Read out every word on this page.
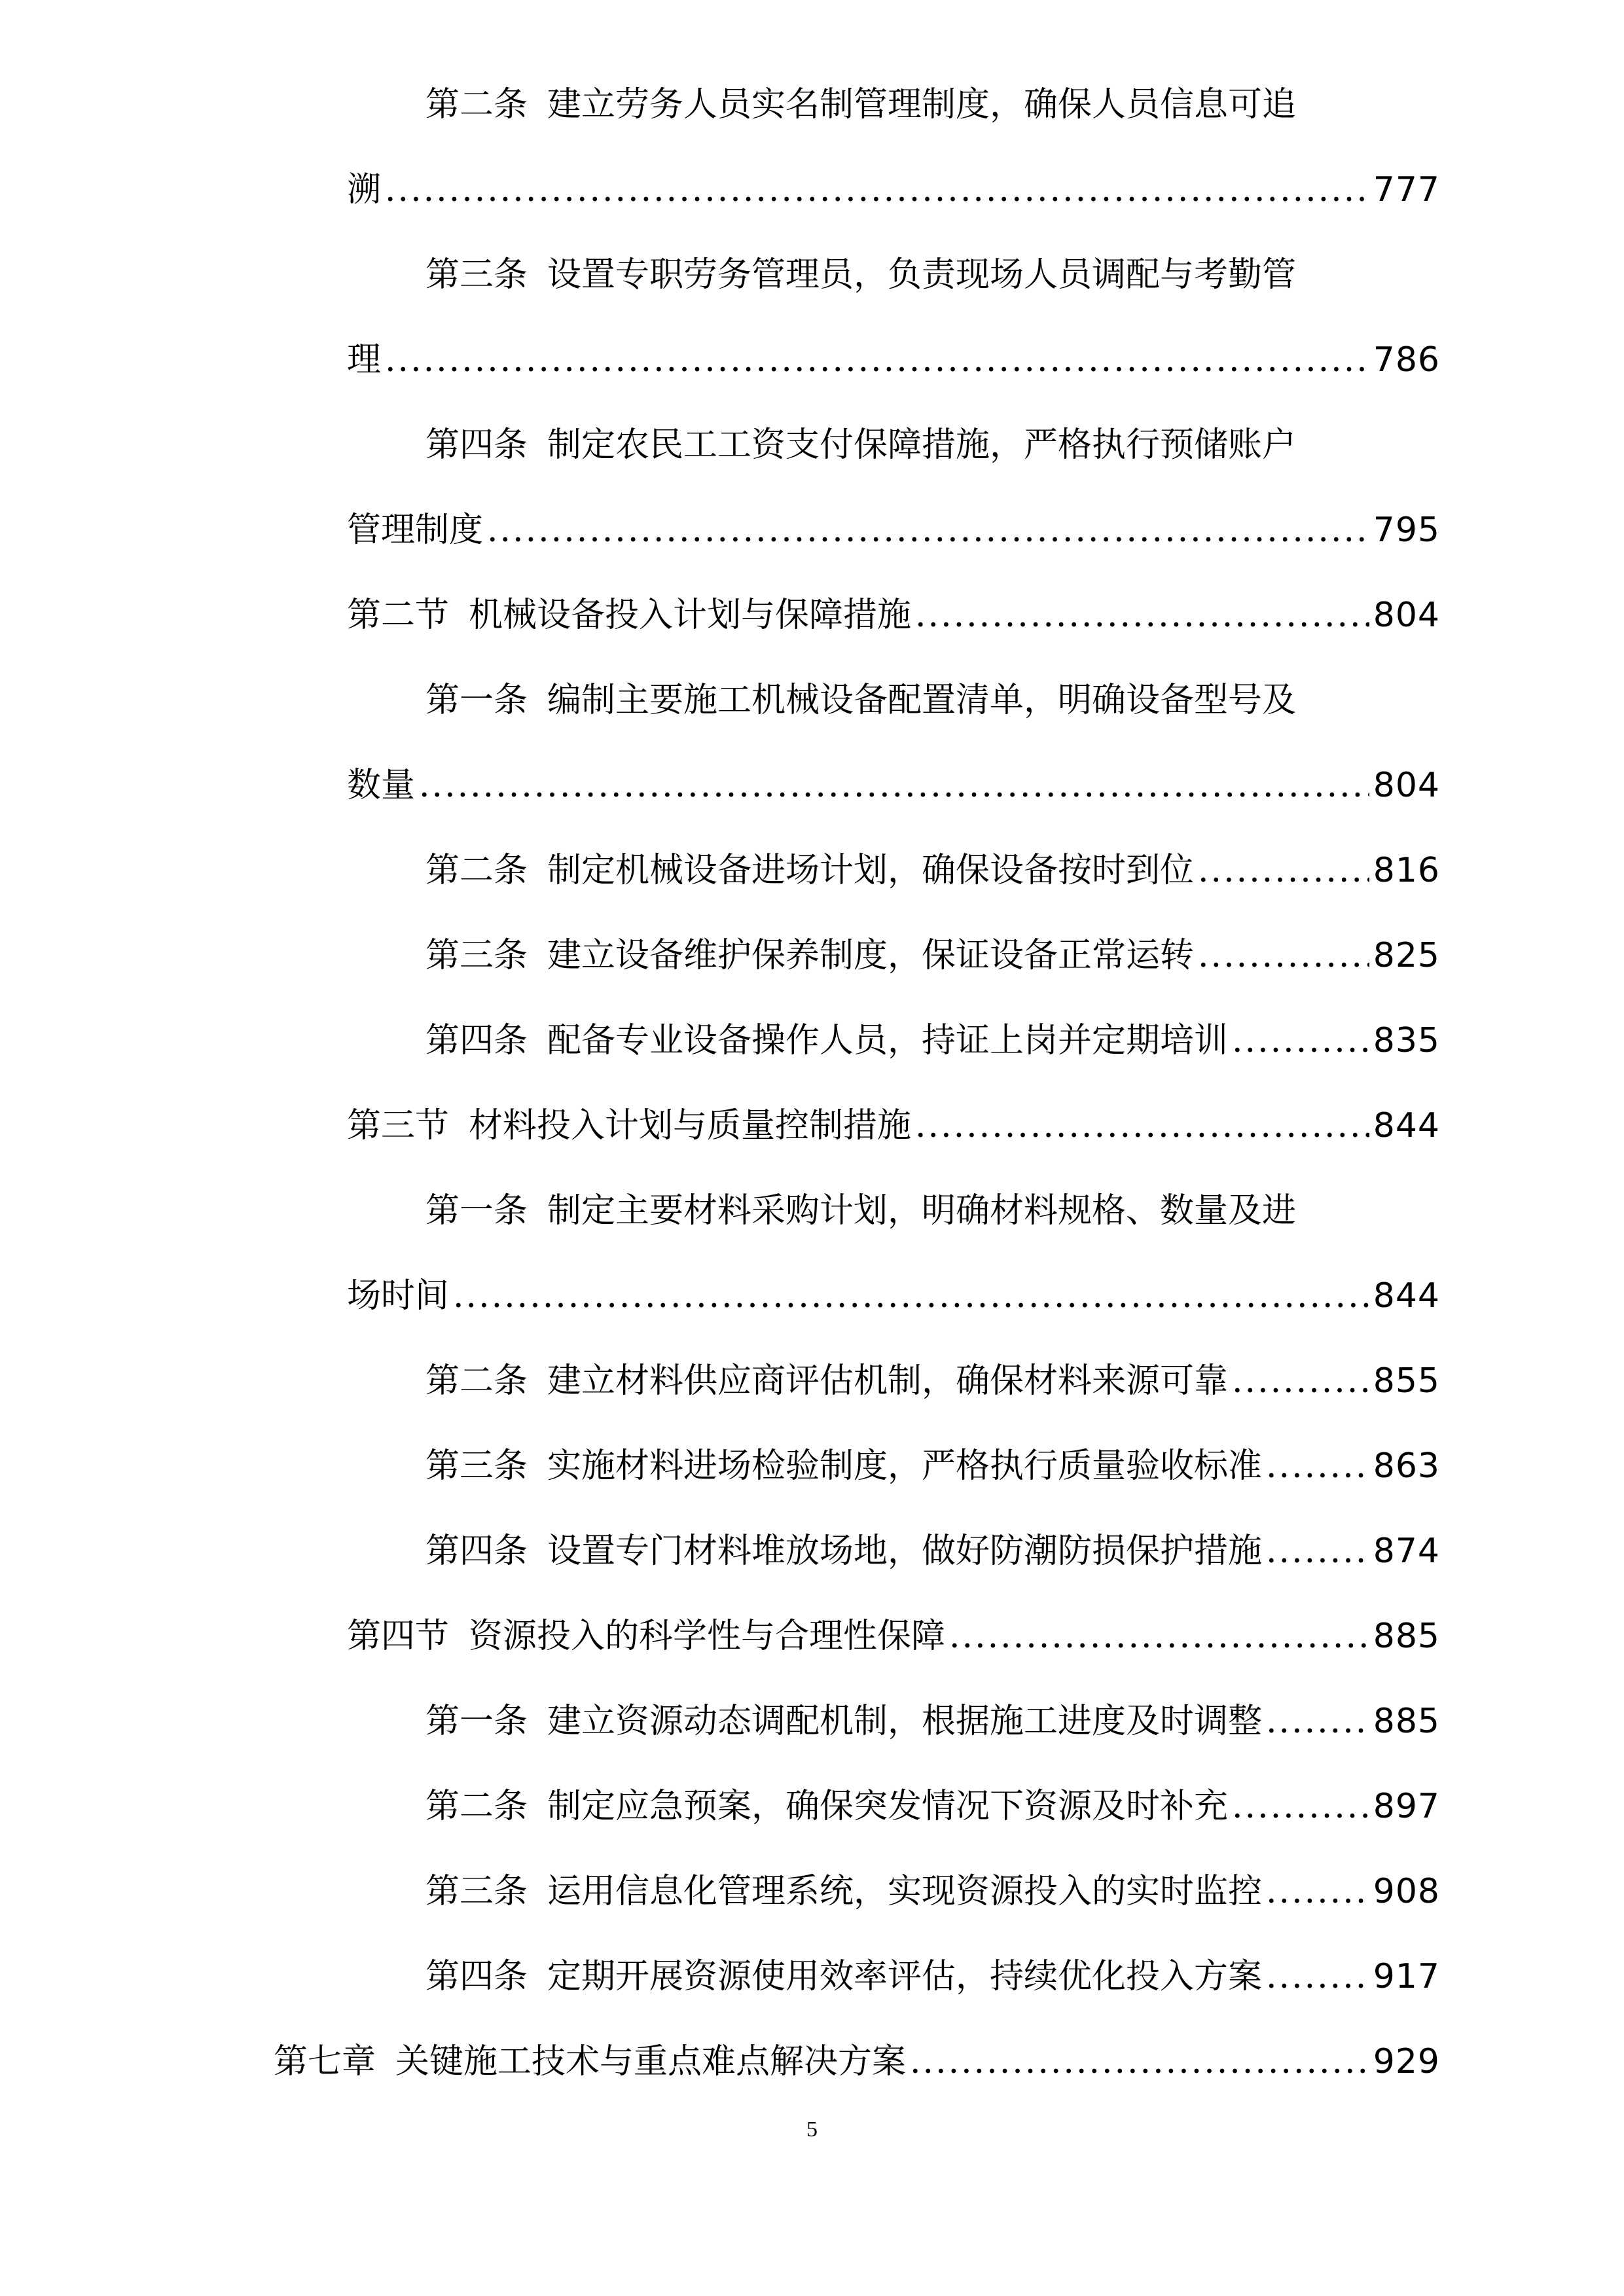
第二条 建立劳务人员实名制管理制度，确保人员信息可追
溯 .....	777
第三条 设置专职劳务管理员，负责现场人员调配与考勤管
理 .....	786
第四条 制定农民工工资支付保障措施，严格执行预储账户
管理制度 .....	795
第二节 机械设备投入计划与保障措施 .....	804
第一条 编制主要施工机械设备配置清单，明确设备型号及
数量 .....	804
第二条 制定机械设备进场计划，确保设备按时到位 .....	816
第三条 建立设备维护保养制度，保证设备正常运转 .....	825
第四条 配备专业设备操作人员，持证上岗并定期培训 .....	835
第三节 材料投入计划与质量控制措施 .....	844
第一条 制定主要材料采购计划，明确材料规格、数量及进
场时间 .....	844
第二条 建立材料供应商评估机制，确保材料来源可靠 .....	855
第三条 实施材料进场检验制度，严格执行质量验收标准 .....	863
第四条 设置专门材料堆放场地，做好防潮防损保护措施 .....	874
第四节 资源投入的科学性与合理性保障 .....	885
第一条 建立资源动态调配机制，根据施工进度及时调整 .....	885
第二条 制定应急预案，确保突发情况下资源及时补充 .....	897
第三条 运用信息化管理系统，实现资源投入的实时监控 .....	908
第四条 定期开展资源使用效率评估，持续优化投入方案 .....	917
第七章 关键施工技术与重点难点解决方案 .....	929
5
